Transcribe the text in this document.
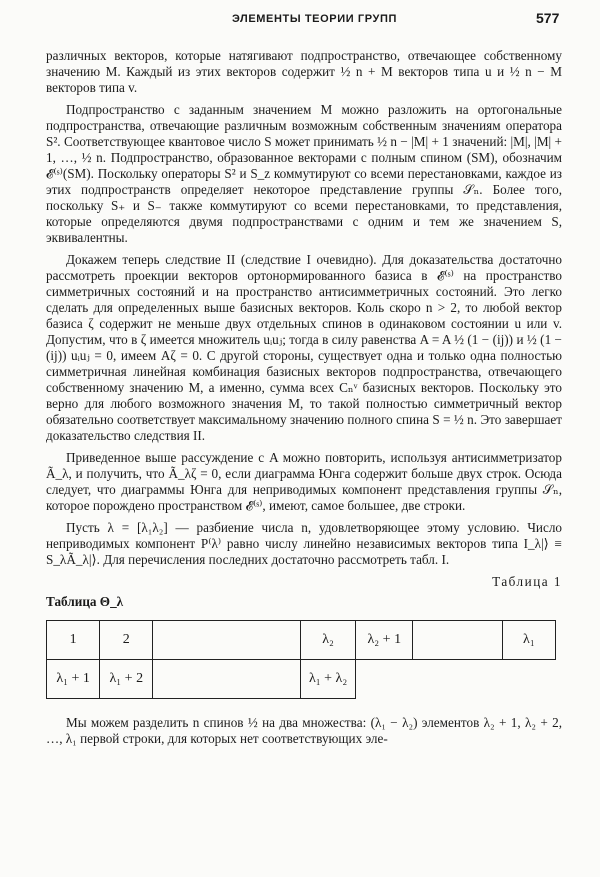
ЭЛЕМЕНТЫ ТЕОРИИ ГРУПП	577

различных векторов, которые натягивают подпространство, отвечающее собственному значению M. Каждый из этих векторов содержит ½ n + M векторов типа u и ½ n − M векторов типа v.

Подпространство с заданным значением M можно разложить на ортогональные подпространства, отвечающие различным возможным собственным значениям оператора S². Соответствующее квантовое число S может принимать ½ n − |M| + 1 значений: |M|, |M| + 1, …, ½ n. Подпространство, образованное векторами с полным спином (SM), обозначим 𝓔⁽ˢ⁾(SM). Поскольку операторы S² и S_z коммутируют со всеми перестановками, каждое из этих подпространств определяет некоторое представление группы 𝒮ₙ. Более того, поскольку S₊ и S₋ также коммутируют со всеми перестановками, то представления, которые определяются двумя подпространствами с одним и тем же значением S, эквивалентны.

Докажем теперь следствие II (следствие I очевидно). Для доказательства достаточно рассмотреть проекции векторов ортонормированного базиса в 𝓔⁽ˢ⁾ на пространство симметричных состояний и на пространство антисимметричных состояний. Это легко сделать для определенных выше базисных векторов. Коль скоро n > 2, то любой вектор базиса ζ содержит не меньше двух отдельных спинов в одинаковом состоянии u или v. Допустим, что в ζ имеется множитель uᵢuⱼ; тогда в силу равенства A = A ½ (1 − (ij)) и ½ (1 − (ij)) uᵢuⱼ = 0, имеем Aζ = 0. С другой стороны, существует одна и только одна полностью симметричная линейная комбинация базисных векторов подпространства, отвечающего собственному значению M, а именно, сумма всех Cₙᵛ базисных векторов. Поскольку это верно для любого возможного значения M, то такой полностью симметричный вектор обязательно соответствует максимальному значению полного спина S = ½ n. Это завершает доказательство следствия II.

Приведенное выше рассуждение с A можно повторить, используя антисимметризатор Ã_λ, и получить, что Ã_λζ = 0, если диаграмма Юнга содержит больше двух строк. Осюда следует, что диаграммы Юнга для неприводимых компонент представления группы 𝒮ₙ, которое порождено пространством 𝓔⁽ˢ⁾, имеют, самое большее, две строки.

Пусть λ = [λ₁λ₂] — разбиение числа n, удовлетворяющее этому условию. Число неприводимых компонент P⁽λ⁾ равно числу линейно независимых векторов типа I_λ|⟩ ≡ S_λÃ_λ|⟩. Для перечисления последних достаточно рассмотреть табл. I.

Таблица 1
Таблица Θ_λ
1	2		λ₂	λ₂ + 1		λ₁
λ₁ + 1	λ₁ + 2		λ₁ + λ₂			

Мы можем разделить n спинов ½ на два множества: (λ₁ − λ₂) элементов λ₂ + 1, λ₂ + 2, …, λ₁ первой строки, для которых нет соответствующих эле-
